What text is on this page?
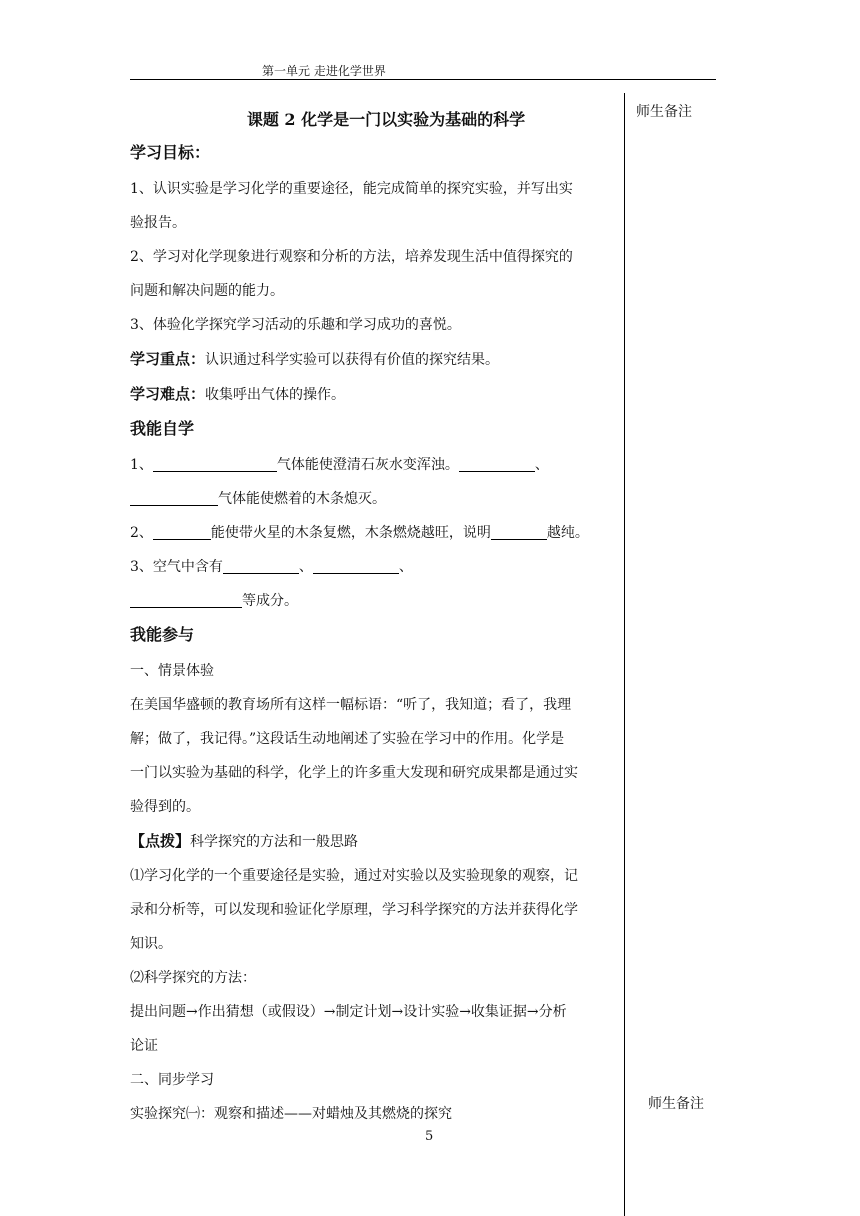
第一单元 走进化学世界
师生备注
师生备注
课题 2 化学是一门以实验为基础的科学
学习目标：

1、认识实验是学习化学的重要途径，能完成简单的探究实验，并写出实

验报告。

2、学习对化学现象进行观察和分析的方法，培养发现生活中值得探究的

问题和解决问题的能力。

3、体验化学探究学习活动的乐趣和学习成功的喜悦。

学习重点：认识通过科学实验可以获得有价值的探究结果。

学习难点：收集呼出气体的操作。

我能自学

1、	气体能使澄清石灰水变浑浊。	、

气体能使燃着的木条熄灭。

2、	能使带火星的木条复燃，木条燃烧越旺，说明	越纯。

3、空气中含有	、	、

等成分。

我能参与

一、情景体验

在美国华盛顿的教育场所有这样一幅标语：“听了，我知道；看了，我理

解；做了，我记得。”这段话生动地阐述了实验在学习中的作用。化学是

一门以实验为基础的科学，化学上的许多重大发现和研究成果都是通过实

验得到的。

【点拨】科学探究的方法和一般思路

⑴学习化学的一个重要途径是实验，通过对实验以及实验现象的观察，记

录和分析等，可以发现和验证化学原理，学习科学探究的方法并获得化学

知识。

⑵科学探究的方法：

提出问题→作出猜想（或假设）→制定计划→设计实验→收集证据→分析

论证

二、同步学习

实验探究㈠：观察和描述——对蜡烛及其燃烧的探究

5
